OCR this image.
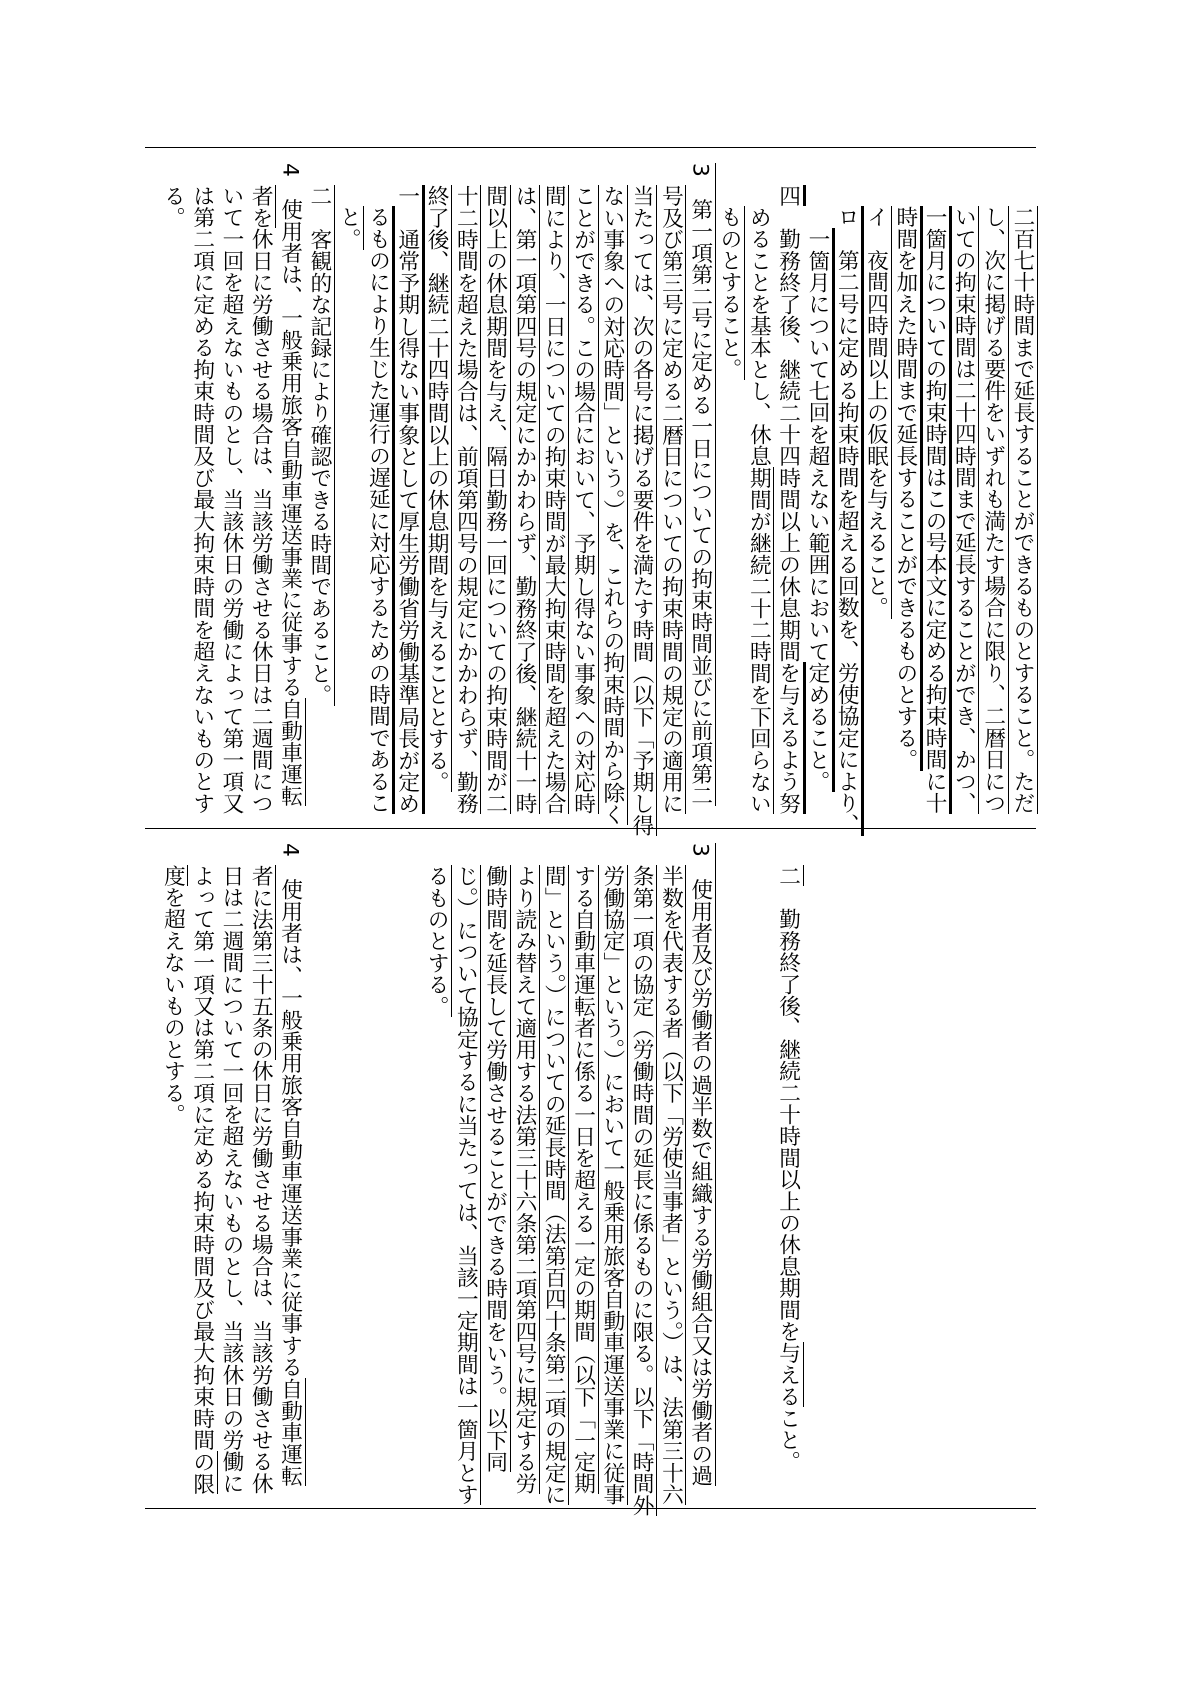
　　二百七十時間まで延長することができるものとすること。ただ
　　し、次に掲げる要件をいずれも満たす場合に限り、二暦日につ
　　いての拘束時間は二十四時間まで延長することができ、かつ、
　　一箇月についての拘束時間はこの号本文に定める拘束時間に十
　　時間を加えた時間まで延長することができるものとする。
　　イ　夜間四時間以上の仮眠を与えること。
　　ロ　第二号に定める拘束時間を超える回数を、労使協定により、
　　　一箇月について七回を超えない範囲において定めること。
　四　勤務終了後、継続二十四時間以上の休息期間を与えるよう努
　　めることを基本とし、休息期間が継続二十二時間を下回らない
　　ものとすること。
3　第一項第二号に定める一日についての拘束時間並びに前項第二
　号及び第三号に定める二暦日についての拘束時間の規定の適用に
　当たっては、次の各号に掲げる要件を満たす時間（以下「予期し得
　ない事象への対応時間」という。）を、これらの拘束時間から除く
　ことができる。この場合において、予期し得ない事象への対応時
　間により、一日についての拘束時間が最大拘束時間を超えた場合
　は、第一項第四号の規定にかかわらず、勤務終了後、継続十一時
　間以上の休息期間を与え、隔日勤務一回についての拘束時間が二
　十二時間を超えた場合は、前項第四号の規定にかかわらず、勤務
　終了後、継続二十四時間以上の休息期間を与えることとする。
　一　通常予期し得ない事象として厚生労働省労働基準局長が定め
　　るものにより生じた運行の遅延に対応するための時間であるこ
　　と。
　二　客観的な記録により確認できる時間であること。
4　使用者は、一般乗用旅客自動車運送事業に従事する自動車運転
　者を休日に労働させる場合は、当該労働させる休日は二週間につ
　いて一回を超えないものとし、当該休日の労働によって第一項又
　は第二項に定める拘束時間及び最大拘束時間を超えないものとす
　る。

　二　勤務終了後、継続二十時間以上の休息期間を与えること。

3　使用者及び労働者の過半数で組織する労働組合又は労働者の過
　半数を代表する者（以下「労使当事者」という。）は、法第三十六
　条第一項の協定（労働時間の延長に係るものに限る。以下「時間外
　労働協定」という。）において一般乗用旅客自動車運送事業に従事
　する自動車運転者に係る一日を超える一定の期間（以下「一定期
　間」という。）についての延長時間（法第百四十条第二項の規定に
　より読み替えて適用する法第三十六条第二項第四号に規定する労
　働時間を延長して労働させることができる時間をいう。以下同
　じ。）について協定するに当たっては、当該一定期間は一箇月とす
　るものとする。

4　使用者は、一般乗用旅客自動車運送事業に従事する自動車運転
　者に法第三十五条の休日に労働させる場合は、当該労働させる休
　日は二週間について一回を超えないものとし、当該休日の労働に
　よって第一項又は第二項に定める拘束時間及び最大拘束時間の限
　度を超えないものとする。
